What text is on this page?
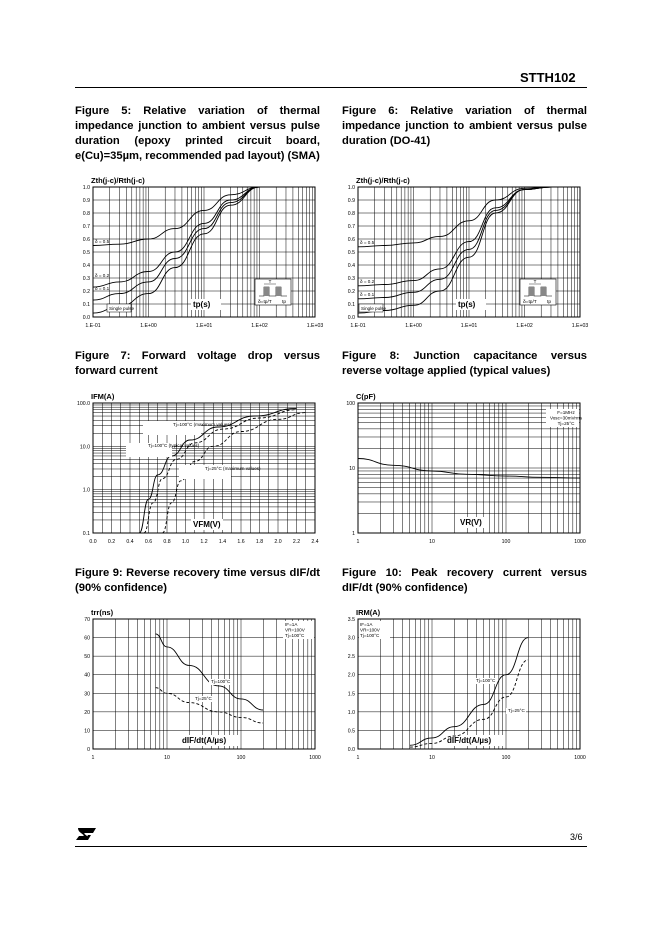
STTH102
Figure 5: Relative variation of thermal impedance junction to ambient versus pulse duration (epoxy printed circuit board, e(Cu)=35µm, recommended pad layout) (SMA)
Figure 6: Relative variation of thermal impedance junction to ambient versus pulse duration (DO-41)
Figure 7: Forward voltage drop versus forward current
Figure 8: Junction capacitance versus reverse voltage applied (typical values)
Figure 9: Reverse recovery time versus dIF/dt (90% confidence)
Figure 10: Peak recovery current versus dIF/dt (90% confidence)
0.0
0.1
0.2
0.3
0.4
0.5
0.6
0.7
0.8
0.9
1.0
1.E-01	1.E+00	1.E+01	1.E+02	1.E+03
Zth(j-c)/Rth(j-c)
tp(s)
δ = 0.5
δ = 0.2
δ = 0.1
Single pulse
T
δ=tp/T tp
0.0
0.1
0.2
0.3
0.4
0.5
0.6
0.7
0.8
0.9
1.0
1.E-01	1.E+00	1.E+01	1.E+02	1.E+03
Zth(j-c)/Rth(j-c)
tp(s)
δ = 0.5
δ = 0.2
δ = 0.1
Single pulse
T
δ=tp/T tp
0.1
1.0
10.0
100.0
0.0 0.2 0.4 0.6 0.8 1.0 1.2 1.4 1.6 1.8 2.0 2.2 2.4
IFM(A)
VFM(V)
Tj=100°C (maximum values)
Tj=100°C (typical values)
Tj=25°C (maximum values)
1
10
100
1	10	100	1000
C(pF)
VR(V)
F=1MHz
Vosc=30mVrms
Tj=25°C
0
10
20
30
40
50
60
70
1	10	100	1000
trr(ns)
dIF/dt(A/µs)
IF=1A
VR=100V
Tj=100°C
Tj=100°C
Tj=25°C
0.0
0.5
1.0
1.5
2.0
2.5
3.0
3.5
1	10	100	1000
IRM(A)
dIF/dt(A/µs)
IF=1A
VR=100V
Tj=100°C
Tj=100°C
Tj=25°C
3/6
